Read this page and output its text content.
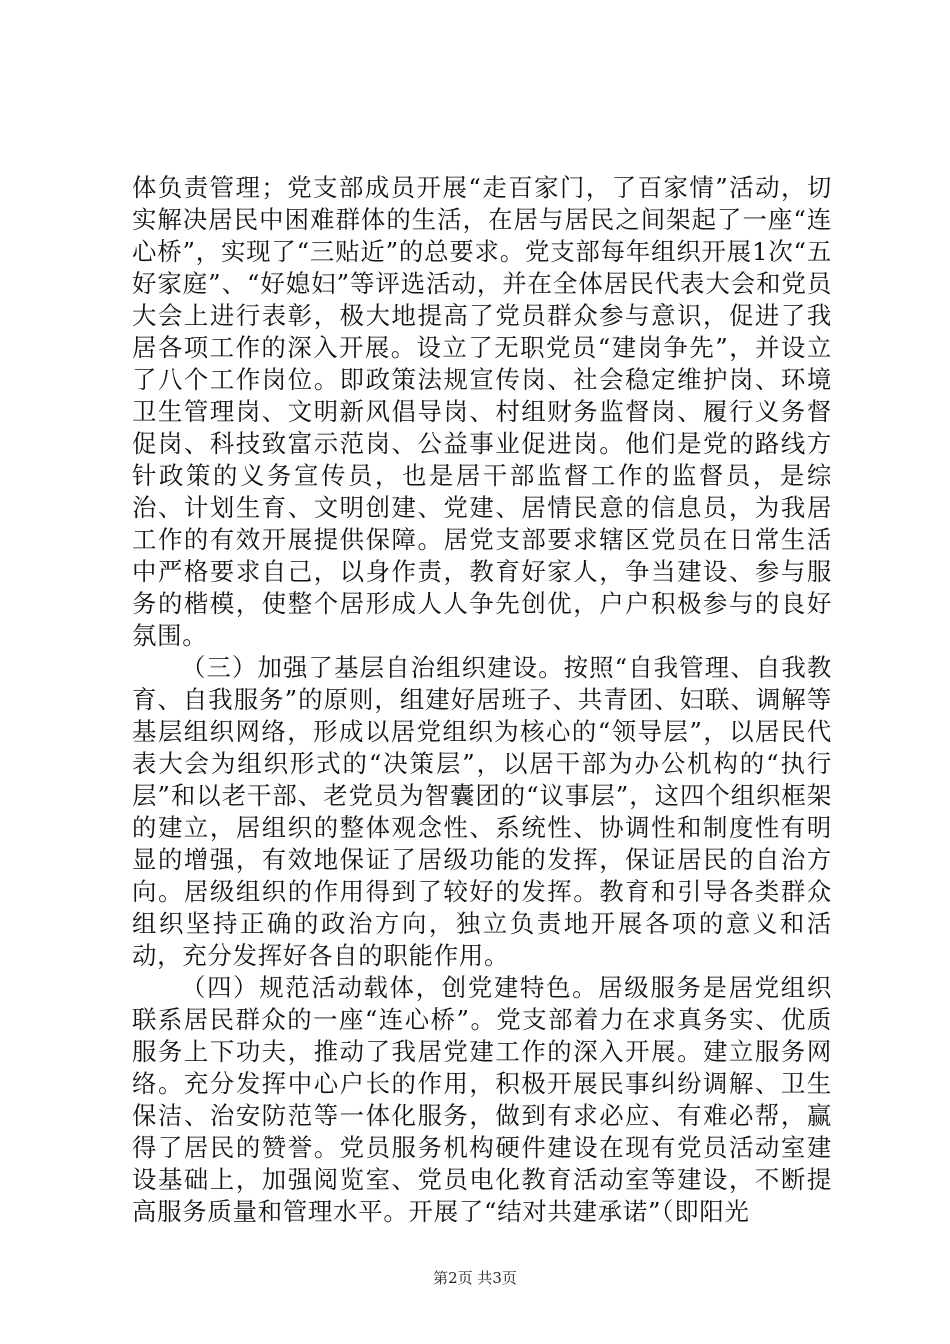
体负责管理；党支部成员开展“走百家门，了百家情”活动，切实解决居民中困难群体的生活，在居与居民之间架起了一座“连心桥”，实现了“三贴近”的总要求。党支部每年组织开展1次“五好家庭”、“好媳妇”等评选活动，并在全体居民代表大会和党员大会上进行表彰，极大地提高了党员群众参与意识，促进了我居各项工作的深入开展。设立了无职党员“建岗争先”，并设立了八个工作岗位。即政策法规宣传岗、社会稳定维护岗、环境卫生管理岗、文明新风倡导岗、村组财务监督岗、履行义务督促岗、科技致富示范岗、公益事业促进岗。他们是党的路线方针政策的义务宣传员，也是居干部监督工作的监督员，是综治、计划生育、文明创建、党建、居情民意的信息员，为我居工作的有效开展提供保障。居党支部要求辖区党员在日常生活中严格要求自己，以身作责，教育好家人，争当建设、参与服务的楷模，使整个居形成人人争先创优，户户积极参与的良好氛围。

（三）加强了基层自治组织建设。按照“自我管理、自我教育、自我服务”的原则，组建好居班子、共青团、妇联、调解等基层组织网络，形成以居党组织为核心的“领导层”，以居民代表大会为组织形式的“决策层”，以居干部为办公机构的“执行层”和以老干部、老党员为智囊团的“议事层”，这四个组织框架的建立，居组织的整体观念性、系统性、协调性和制度性有明显的增强，有效地保证了居级功能的发挥，保证居民的自治方向。居级组织的作用得到了较好的发挥。教育和引导各类群众组织坚持正确的政治方向，独立负责地开展各项的意义和活动，充分发挥好各自的职能作用。

（四）规范活动载体，创党建特色。居级服务是居党组织联系居民群众的一座“连心桥”。党支部着力在求真务实、优质服务上下功夫，推动了我居党建工作的深入开展。建立服务网络。充分发挥中心户长的作用，积极开展民事纠纷调解、卫生保洁、治安防范等一体化服务，做到有求必应、有难必帮，赢得了居民的赞誉。党员服务机构硬件建设在现有党员活动室建设基础上，加强阅览室、党员电化教育活动室等建设，不断提高服务质量和管理水平。开展了“结对共建承诺”（即阳光

第2页 共3页
